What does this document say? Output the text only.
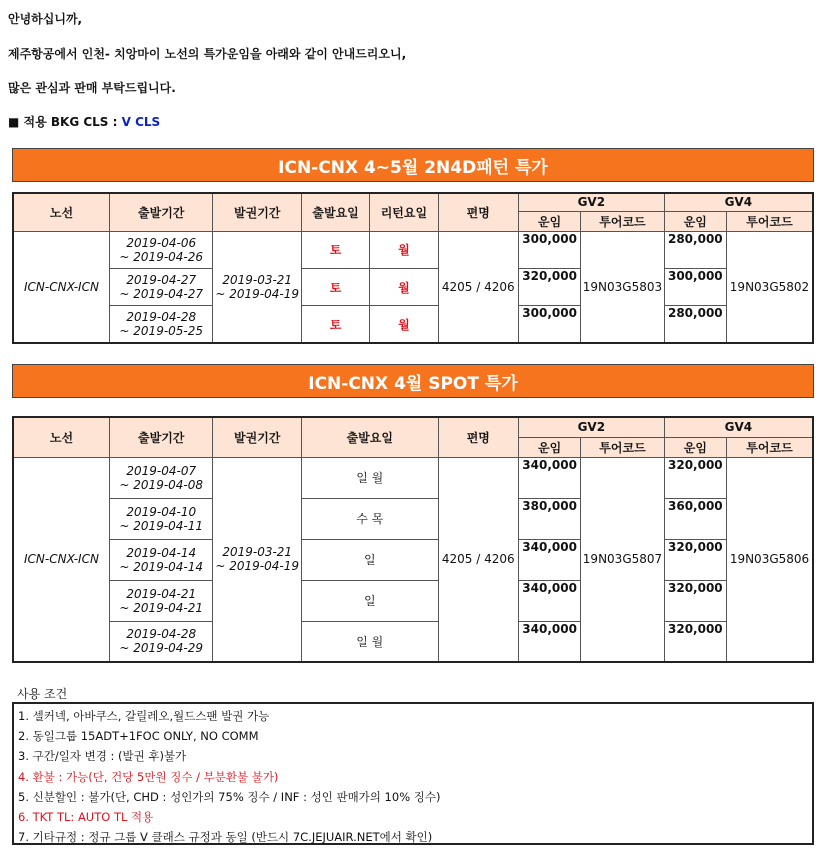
안녕하십니까,
제주항공에서 인천- 치앙마이 노선의 특가운임을 아래와 같이 안내드리오니,
많은 관심과 판매 부탁드립니다.
■ 적용 BKG CLS : V CLS
ICN-CNX 4~5월 2N4D패턴 특가
노선	출발기간	발권기간	출발요일	리턴요일	편명	GV2		GV4	
						운임	투어코드	운임	투어코드
ICN-CNX-ICN	2019-04-06
~ 2019-04-26	2019-03-21
~ 2019-04-19	토	월	4205 / 4206	300,000	19N03G5803	280,000	19N03G5802
	2019-04-27
~ 2019-04-27		토	월		320,000		300,000	
	2019-04-28
~ 2019-05-25		토	월		300,000		280,000	
ICN-CNX 4월 SPOT 특가
노선	출발기간	발권기간	출발요일	편명	GV2		GV4	
					운임	투어코드	운임	투어코드
ICN-CNX-ICN	2019-04-07
~ 2019-04-08	2019-03-21
~ 2019-04-19	일 월	4205 / 4206	340,000	19N03G5807	320,000	19N03G5806
	2019-04-10
~ 2019-04-11		수 목		380,000		360,000	
	2019-04-14
~ 2019-04-14		일		340,000		320,000	
	2019-04-21
~ 2019-04-21		일		340,000		320,000	
	2019-04-28
~ 2019-04-29		일 월		340,000		320,000	
사용 조건
1. 셀커넥, 아바쿠스, 갈릴레오,월드스팬 발권 가능
2. 동일그룹 15ADT+1FOC ONLY, NO COMM
3. 구간/일자 변경 : (발권 후)불가
4. 환불 : 가능(단, 건당 5만원 징수 / 부분환불 불가)
5. 신분할인 : 불가(단, CHD : 성인가의 75% 징수 / INF : 성인 판매가의 10% 징수)
6. TKT TL: AUTO TL 적용
7. 기타규정 : 정규 그룹 V 클래스 규정과 동일 (반드시 7C.JEJUAIR.NET에서 확인)
